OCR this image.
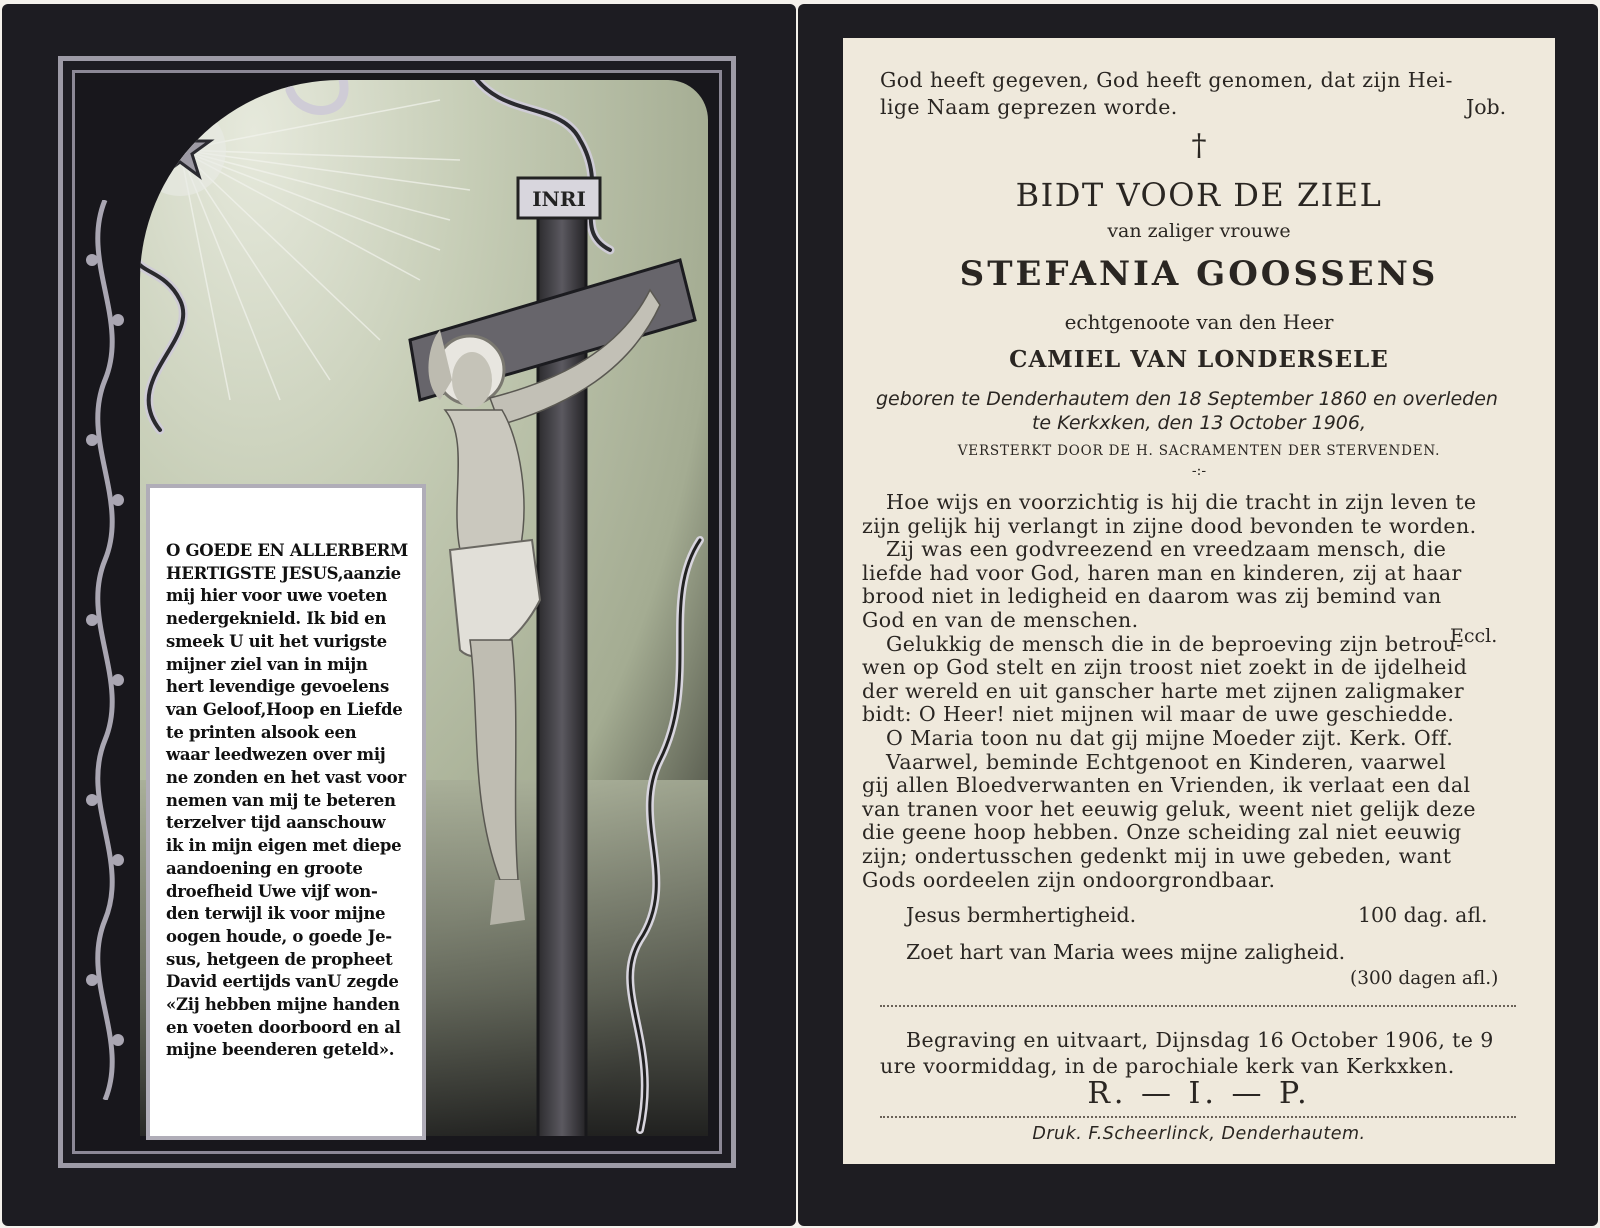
INRI
O GOEDE EN ALLERBERM
HERTIGSTE JESUS,aanzie
mij hier voor uwe voeten
nedergeknield. Ik bid en
smeek U uit het vurigste
mijner ziel van in mijn
hert levendige gevoelens
van Geloof,Hoop en Liefde
te printen alsook een
waar leedwezen over mij
ne zonden en het vast voor
nemen van mij te beteren
terzelver tijd aanschouw
ik in mijn eigen met diepe
aandoening en groote
droefheid Uwe vijf won-
den terwijl ik voor mijne
oogen houde, o goede Je-
sus, hetgeen de propheet
David eertijds vanU zegde
«Zij hebben mijne handen
en voeten doorboord en al
mijne beenderen geteld».
God heeft gegeven, God heeft genomen, dat zijn Hei-
lige Naam geprezen worde.	Job.
†
BIDT VOOR DE ZIEL
van zaliger vrouwe
STEFANIA GOOSSENS
echtgenoote van den Heer
CAMIEL VAN LONDERSELE
geboren te Denderhautem den 18 September 1860 en overleden
te Kerkxken, den 13 October 1906,
VERSTERKT DOOR DE H. SACRAMENTEN DER STERVENDEN.
-:-
Hoe wijs en voorzichtig is hij die tracht in zijn leven te
zijn gelijk hij verlangt in zijne dood bevonden te worden.
Zij was een godvreezend en vreedzaam mensch, die
liefde had voor God, haren man en kinderen, zij at haar
brood niet in ledigheid en daarom was zij bemind van
God en van de menschen.
Gelukkig de mensch die in de beproeving zijn betrou-
wen op God stelt en zijn troost niet zoekt in de ijdelheid
der wereld en uit ganscher harte met zijnen zaligmaker
bidt: O Heer! niet mijnen wil maar de uwe geschiedde.
O Maria toon nu dat gij mijne Moeder zijt. Kerk. Off.
Vaarwel, beminde Echtgenoot en Kinderen, vaarwel
gij allen Bloedverwanten en Vrienden, ik verlaat een dal
van tranen voor het eeuwig geluk, weent niet gelijk deze
die geene hoop hebben. Onze scheiding zal niet eeuwig
zijn; ondertusschen gedenkt mij in uwe gebeden, want
Gods oordeelen zijn ondoorgrondbaar.
Eccl.
Jesus bermhertigheid.	100 dag. afl.
Zoet hart van Maria wees mijne zaligheid.
(300 dagen afl.)
Begraving en uitvaart, Dijnsdag 16 October 1906, te 9
ure voormiddag, in de parochiale kerk van Kerkxken.
R. — I. — P.
Druk. F.Scheerlinck, Denderhautem.
